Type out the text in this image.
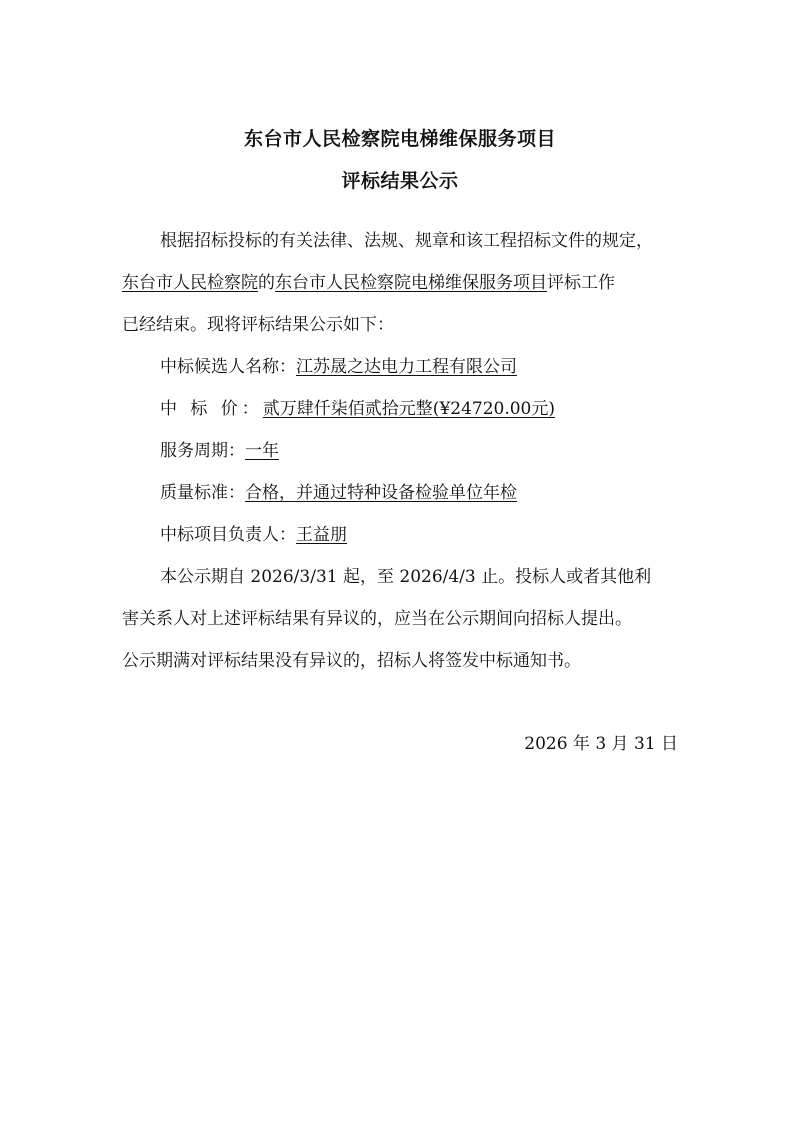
东台市人民检察院电梯维保服务项目
评标结果公示
根据招标投标的有关法律、法规、规章和该工程招标文件的规定，
东台市人民检察院的东台市人民检察院电梯维保服务项目评标工作
已经结束。现将评标结果公示如下：
中标候选人名称：江苏晟之达电力工程有限公司
中 标 价：贰万肆仟柒佰贰拾元整(¥24720.00元)
服务周期：一年
质量标准：合格，并通过特种设备检验单位年检
中标项目负责人：王益朋
本公示期自 2026/3/31 起，至 2026/4/3 止。投标人或者其他利
害关系人对上述评标结果有异议的，应当在公示期间向招标人提出。
公示期满对评标结果没有异议的，招标人将签发中标通知书。
2026 年 3 月 31 日
